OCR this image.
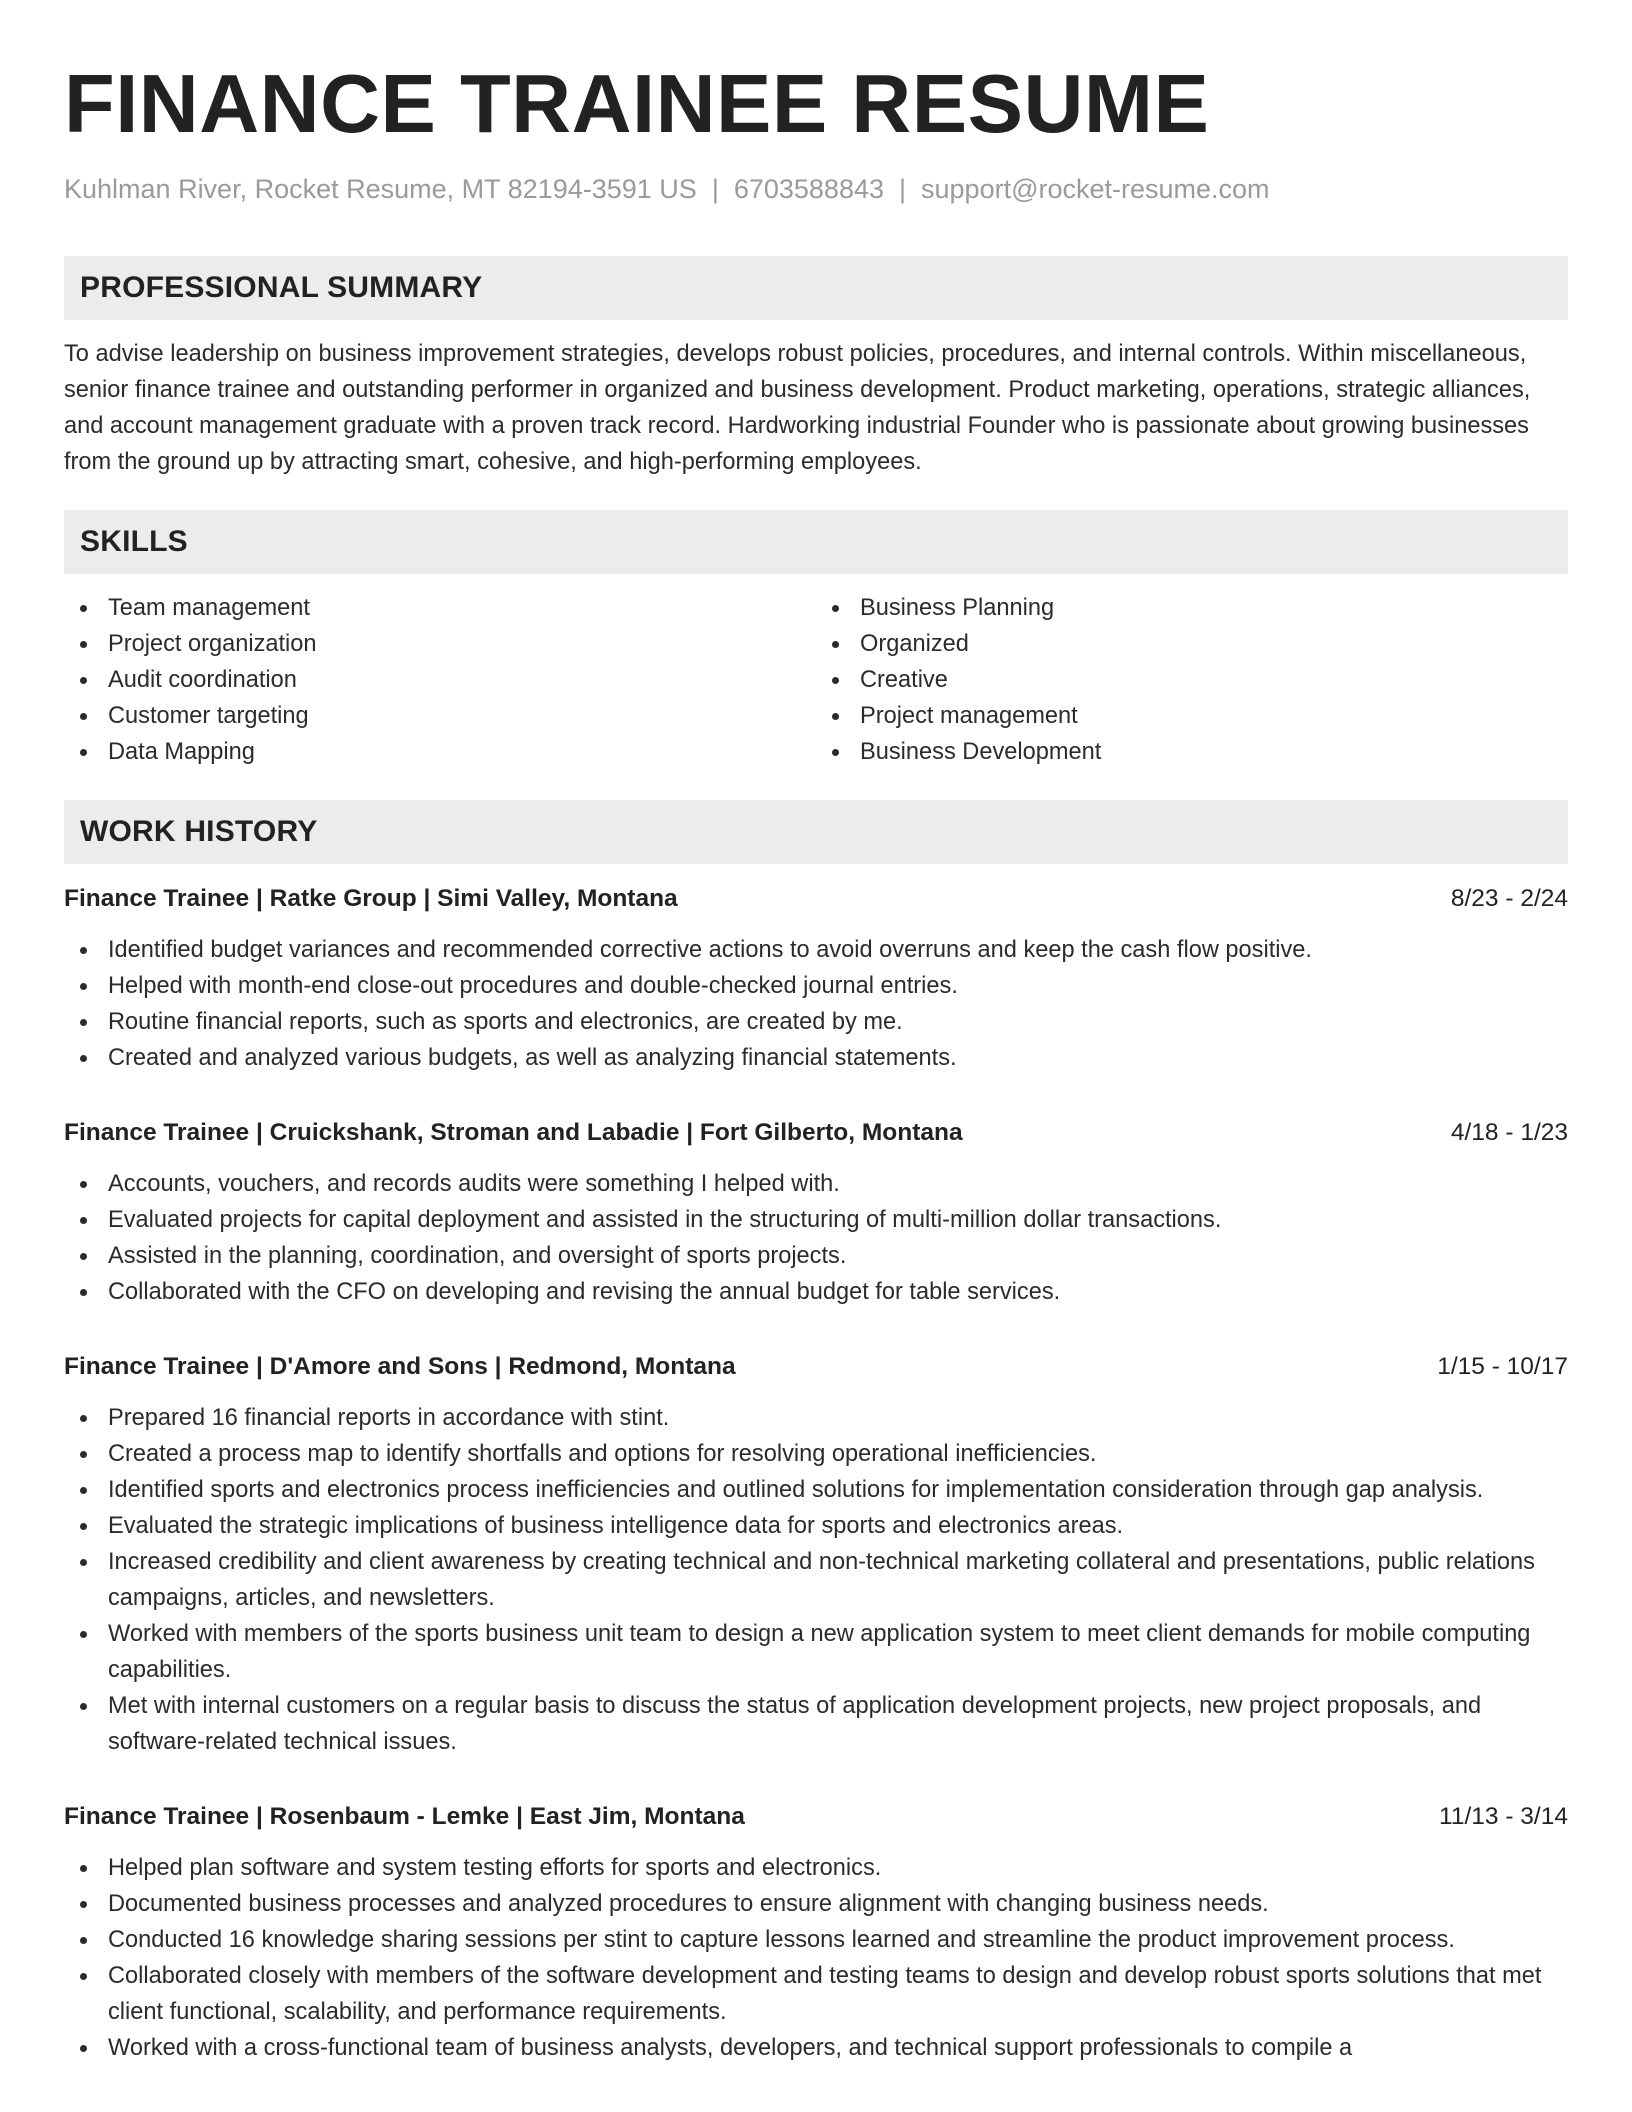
FINANCE TRAINEE RESUME
Kuhlman River, Rocket Resume, MT 82194-3591 US | 6703588843 | support@rocket-resume.com
PROFESSIONAL SUMMARY

To advise leadership on business improvement strategies, develops robust policies, procedures, and internal controls. Within miscellaneous, senior finance trainee and outstanding performer in organized and business development. Product marketing, operations, strategic alliances, and account management graduate with a proven track record. Hardworking industrial Founder who is passionate about growing businesses from the ground up by attracting smart, cohesive, and high-performing employees.

SKILLS
Team management
Project organization
Audit coordination
Customer targeting
Data Mapping
Business Planning
Organized
Creative
Project management
Business Development
WORK HISTORY
Finance Trainee | Ratke Group | Simi Valley, Montana	8/23 - 2/24
Identified budget variances and recommended corrective actions to avoid overruns and keep the cash flow positive.
Helped with month-end close-out procedures and double-checked journal entries.
Routine financial reports, such as sports and electronics, are created by me.
Created and analyzed various budgets, as well as analyzing financial statements.
Finance Trainee | Cruickshank, Stroman and Labadie | Fort Gilberto, Montana	4/18 - 1/23
Accounts, vouchers, and records audits were something I helped with.
Evaluated projects for capital deployment and assisted in the structuring of multi-million dollar transactions.
Assisted in the planning, coordination, and oversight of sports projects.
Collaborated with the CFO on developing and revising the annual budget for table services.
Finance Trainee | D'Amore and Sons | Redmond, Montana	1/15 - 10/17
Prepared 16 financial reports in accordance with stint.
Created a process map to identify shortfalls and options for resolving operational inefficiencies.
Identified sports and electronics process inefficiencies and outlined solutions for implementation consideration through gap analysis.
Evaluated the strategic implications of business intelligence data for sports and electronics areas.
Increased credibility and client awareness by creating technical and non-technical marketing collateral and presentations, public relations campaigns, articles, and newsletters.
Worked with members of the sports business unit team to design a new application system to meet client demands for mobile computing capabilities.
Met with internal customers on a regular basis to discuss the status of application development projects, new project proposals, and software-related technical issues.
Finance Trainee | Rosenbaum - Lemke | East Jim, Montana	11/13 - 3/14
Helped plan software and system testing efforts for sports and electronics.
Documented business processes and analyzed procedures to ensure alignment with changing business needs.
Conducted 16 knowledge sharing sessions per stint to capture lessons learned and streamline the product improvement process.
Collaborated closely with members of the software development and testing teams to design and develop robust sports solutions that met client functional, scalability, and performance requirements.
Worked with a cross-functional team of business analysts, developers, and technical support professionals to compile a
